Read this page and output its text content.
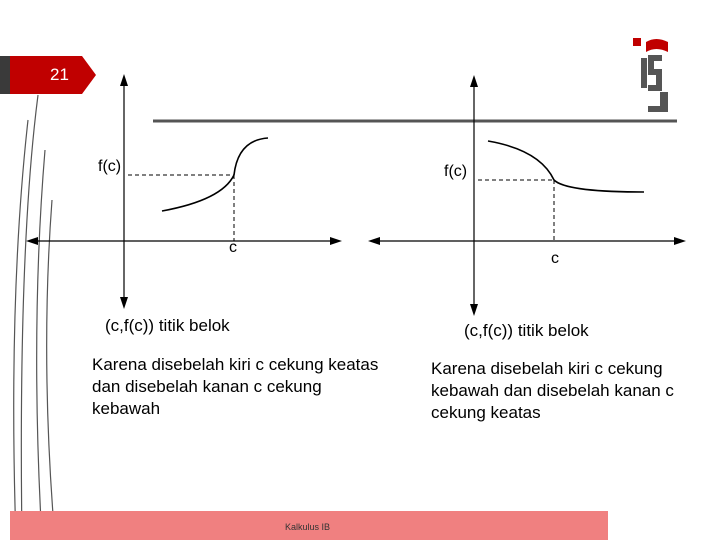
21
f(c)
c
(c,f(c)) titik belok
Karena disebelah kiri c cekung keatas dan disebelah kanan c cekung kebawah
f(c)
c
(c,f(c)) titik belok
Karena disebelah kiri c cekung kebawah dan disebelah kanan c cekung keatas
Kalkulus IB
